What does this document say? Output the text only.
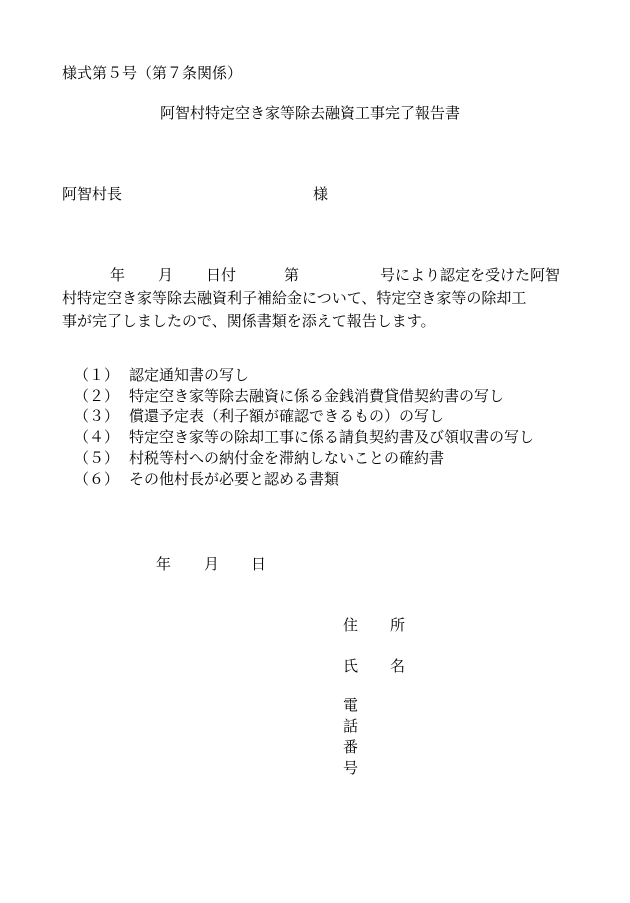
様式第５号（第７条関係）
阿智村特定空き家等除去融資工事完了報告書
阿智村長	様
年 月 日付	第	号により認定を受けた阿智
村特定空き家等除去融資利子補給金について、特定空き家等の除却工
事が完了しましたので、関係書類を添えて報告します。
（１） 認定通知書の写し
（２） 特定空き家等除去融資に係る金銭消費貸借契約書の写し
（３） 償還予定表（利子額が確認できるもの）の写し
（４） 特定空き家等の除却工事に係る請負契約書及び領収書の写し
（５） 村税等村への納付金を滞納しないことの確約書
（６） その他村長が必要と認める書類
年 月 日
住 所
氏 名
電話番号
